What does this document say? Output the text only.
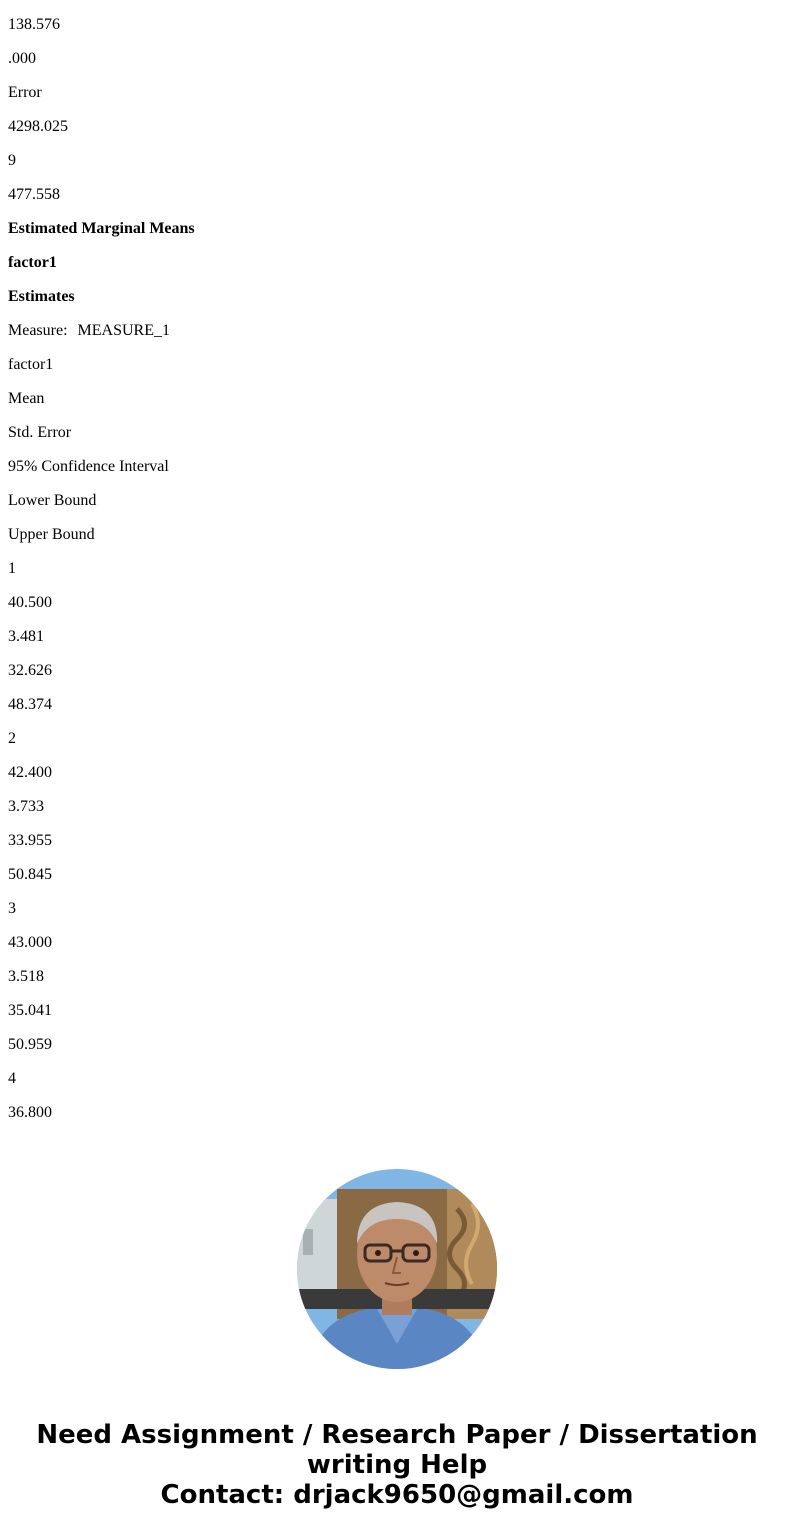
138.576

.000

Error

4298.025

9

477.558

Estimated Marginal Means

factor1

Estimates

Measure: MEASURE_1

factor1

Mean

Std. Error

95% Confidence Interval

Lower Bound

Upper Bound

1

40.500

3.481

32.626

48.374

2

42.400

3.733

33.955

50.845

3

43.000

3.518

35.041

50.959

4

36.800

Need Assignment / Research Paper / Dissertation
writing Help
Contact: drjack9650@gmail.com
